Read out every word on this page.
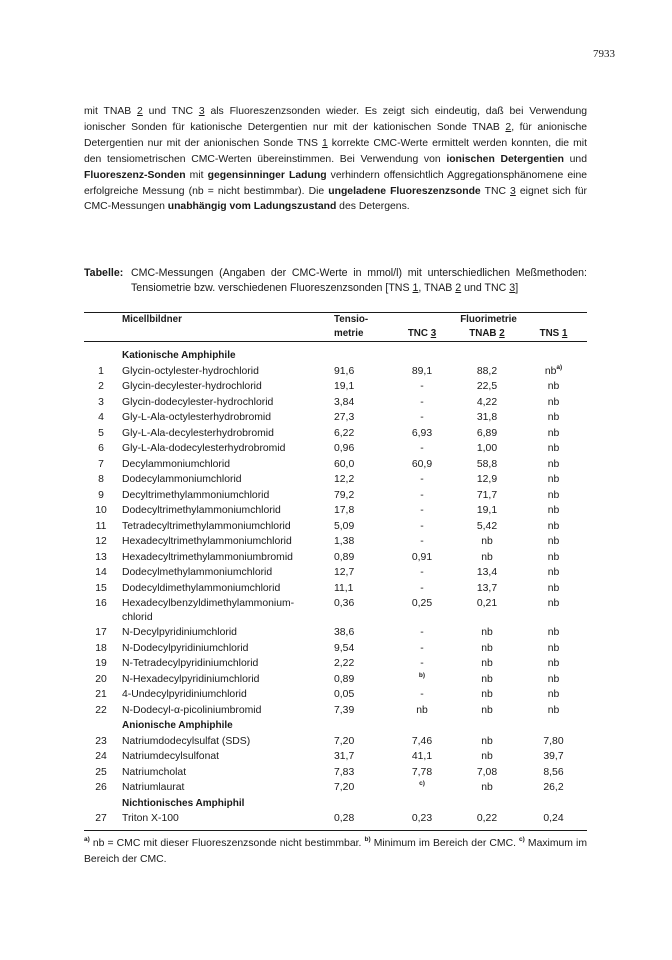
7933
mit TNAB 2 und TNC 3 als Fluoreszenzsonden wieder. Es zeigt sich eindeutig, daß bei Verwendung ionischer Sonden für kationische Detergentien nur mit der kationischen Sonde TNAB 2, für anionische Detergentien nur mit der anionischen Sonde TNS 1 korrekte CMC-Werte ermittelt werden konnten, die mit den tensiometrischen CMC-Werten übereinstimmen. Bei Verwendung von ionischen Detergentien und Fluoreszenz-Sonden mit gegensinninger Ladung verhindern offensichtlich Aggregationsphänomene eine erfolgreiche Messung (nb = nicht bestimmbar). Die ungeladene Fluoreszenzsonde TNC 3 eignet sich für CMC-Messungen unabhängig vom Ladungszustand des Detergens.
Tabelle: CMC-Messungen (Angaben der CMC-Werte in mmol/l) mit unterschiedlichen Meßmethoden: Tensiometrie bzw. verschiedenen Fluoreszenzsonden [TNS 1, TNAB 2 und TNC 3]
	Micellbildner	Tensio-	Fluorimetrie		
		metrie	TNC 3	TNAB 2	TNS 1
	Kationische Amphiphile				
1	Glycin-octylester-hydrochlorid	91,6	89,1	88,2	$nb^{a)}$
2	Glycin-decylester-hydrochlorid	19,1	-	22,5	nb
3	Glycin-dodecylester-hydrochlorid	3,84	-	4,22	nb
4	Gly-L-Ala-octylesterhydrobromid	27,3	-	31,8	nb
5	Gly-L-Ala-decylesterhydrobromid	6,22	6,93	6,89	nb
6	Gly-L-Ala-dodecylesterhydrobromid	0,96	-	1,00	nb
7	Decylammoniumchlorid	60,0	60,9	58,8	nb
8	Dodecylammoniumchlorid	12,2	-	12,9	nb
9	Decyltrimethylammoniumchlorid	79,2	-	71,7	nb
10	Dodecyltrimethylammoniumchlorid	17,8	-	19,1	nb
11	Tetradecyltrimethylammoniumchlorid	5,09	-	5,42	nb
12	Hexadecyltrimethylammoniumchlorid	1,38	-	nb	nb
13	Hexadecyltrimethylammoniumbromid	0,89	0,91	nb	nb
14	Dodecylmethylammoniumchlorid	12,7	-	13,4	nb
15	Dodecyldimethylammoniumchlorid	11,1	-	13,7	nb
16	Hexadecylbenzyldimethylammonium-chlorid	0,36	0,25	0,21	nb
17	N-Decylpyridiniumchlorid	38,6	-	nb	nb
18	N-Dodecylpyridiniumchlorid	9,54	-	nb	nb
19	N-Tetradecylpyridiniumchlorid	2,22	-	nb	nb
20	N-Hexadecylpyridiniumchlorid	0,89	$^{b)}$	nb	nb
21	4-Undecylpyridiniumchlorid	0,05	-	nb	nb
22	N-Dodecyl-α-picoliniumbromid	7,39	nb	nb	nb
	Anionische Amphiphile				
23	Natriumdodecylsulfat (SDS)	7,20	7,46	nb	7,80
24	Natriumdecylsulfonat	31,7	41,1	nb	39,7
25	Natriumcholat	7,83	7,78	7,08	8,56
26	Natriumlaurat	7,20	$^{c)}$	nb	26,2
	Nichtionisches Amphiphil				
27	Triton X-100	0,28	0,23	0,22	0,24

$^{a)}$ nb = CMC mit dieser Fluoreszenzsonde nicht bestimmbar. $^{b)}$ Minimum im Bereich der CMC. $^{c)}$ Maximum im Bereich der CMC.
